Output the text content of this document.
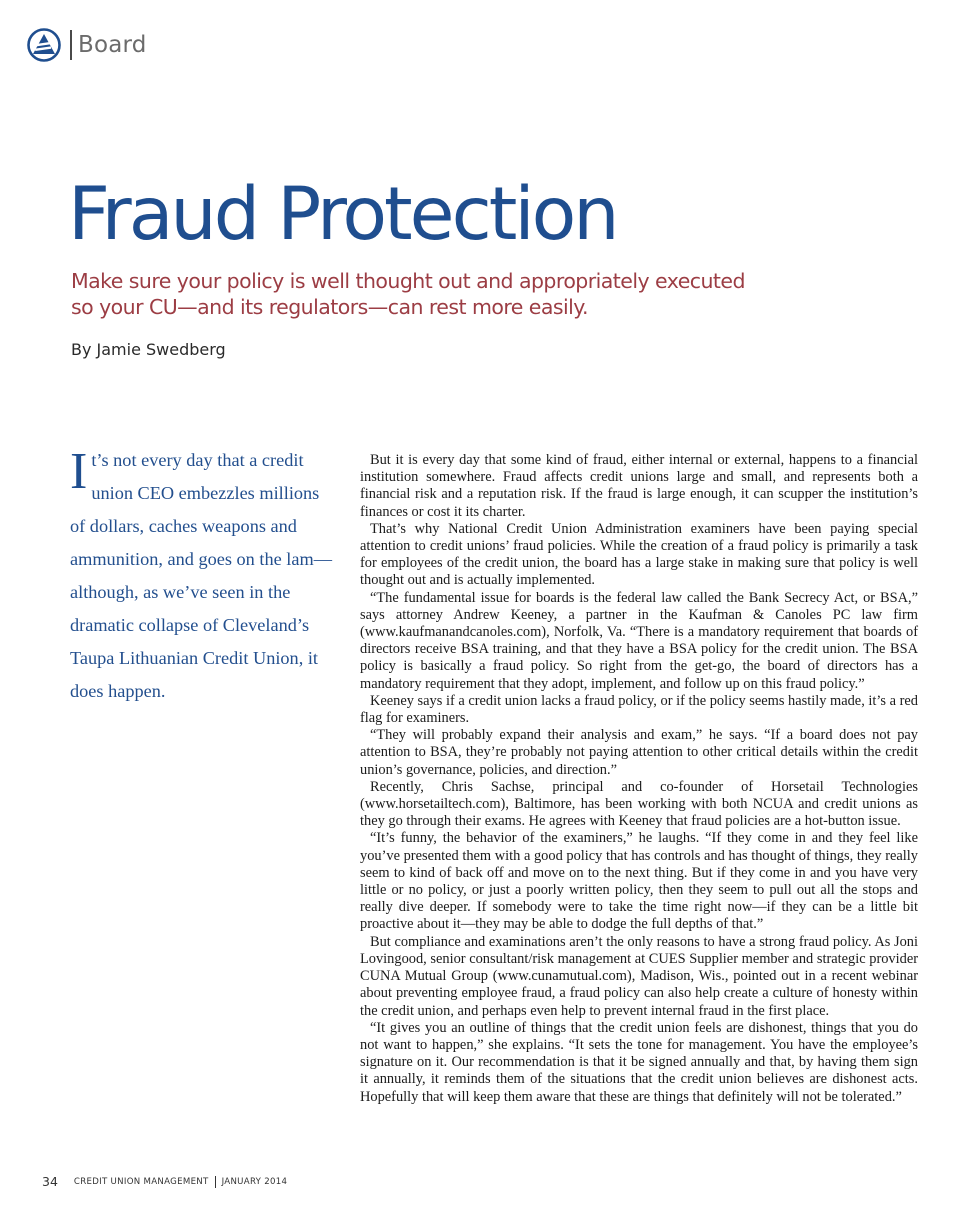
Board
Fraud Protection

Make sure your policy is well thought out and appropriately executed so your CU—and its regulators—can rest more easily.

By Jamie Swedberg

It’s not every day that a credit union CEO embezzles millions of dollars, caches weapons and ammunition, and goes on the lam—although, as we’ve seen in the dramatic collapse of Cleveland’s Taupa Lithuanian Credit Union, it does happen.

But it is every day that some kind of fraud, either internal or external, happens to a financial institution somewhere. Fraud affects credit unions large and small, and represents both a financial risk and a reputation risk. If the fraud is large enough, it can scupper the institution’s finances or cost it its charter.

That’s why National Credit Union Administration examiners have been paying special attention to credit unions’ fraud policies. While the creation of a fraud policy is primarily a task for employees of the credit union, the board has a large stake in making sure that policy is well thought out and is actually implemented.

“The fundamental issue for boards is the federal law called the Bank Secrecy Act, or BSA,” says attorney Andrew Keeney, a partner in the Kaufman & Canoles PC law firm (www.kaufmanandcanoles.com), Norfolk, Va. “There is a mandatory requirement that boards of directors receive BSA training, and that they have a BSA policy for the credit union. The BSA policy is basically a fraud policy. So right from the get-go, the board of directors has a mandatory requirement that they adopt, implement, and follow up on this fraud policy.”

Keeney says if a credit union lacks a fraud policy, or if the policy seems hastily made, it’s a red flag for examiners.

“They will probably expand their analysis and exam,” he says. “If a board does not pay attention to BSA, they’re probably not paying attention to other critical details within the credit union’s governance, policies, and direction.”

Recently, Chris Sachse, principal and co-founder of Horsetail Technologies (www.horsetailtech.com), Baltimore, has been working with both NCUA and credit unions as they go through their exams. He agrees with Keeney that fraud policies are a hot-button issue.

“It’s funny, the behavior of the examiners,” he laughs. “If they come in and they feel like you’ve presented them with a good policy that has controls and has thought of things, they really seem to kind of back off and move on to the next thing. But if they come in and you have very little or no policy, or just a poorly written policy, then they seem to pull out all the stops and really dive deeper. If somebody were to take the time right now—if they can be a little bit proactive about it—they may be able to dodge the full depths of that.”

But compliance and examinations aren’t the only reasons to have a strong fraud policy. As Joni Lovingood, senior consultant/risk management at CUES Supplier member and strategic provider CUNA Mutual Group (www.cunamutual.com), Madison, Wis., pointed out in a recent webinar about preventing employee fraud, a fraud policy can also help create a culture of honesty within the credit union, and perhaps even help to prevent internal fraud in the first place.

“It gives you an outline of things that the credit union feels are dishonest, things that you do not want to happen,” she explains. “It sets the tone for management. You have the employee’s signature on it. Our recommendation is that it be signed annually and that, by having them sign it annually, it reminds them of the situations that the credit union believes are dishonest acts. Hopefully that will keep them aware that these are things that definitely will not be tolerated.”

34 CREDIT UNION MANAGEMENT JANUARY 2014
